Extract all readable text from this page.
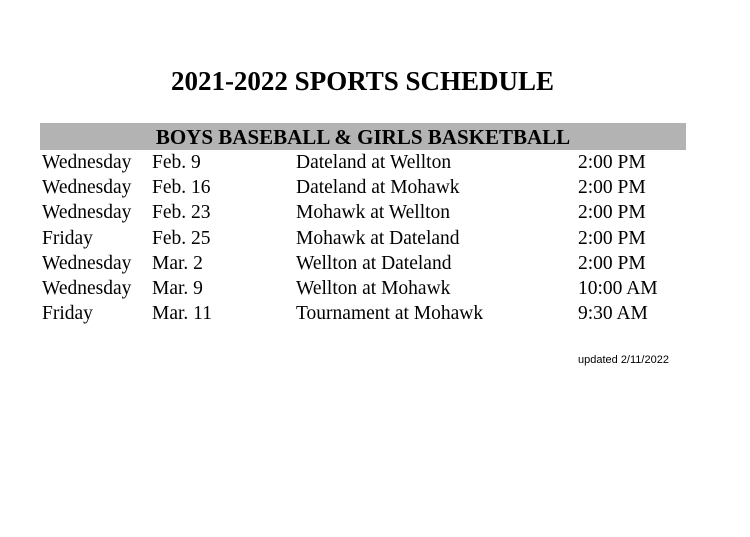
2021-2022 SPORTS SCHEDULE
BOYS BASEBALL & GIRLS BASKETBALL
Wednesday Feb. 9	Dateland at Wellton	2:00 PM
Wednesday Feb. 16	Dateland at Mohawk	2:00 PM
Wednesday Feb. 23	Mohawk at Wellton	2:00 PM
Friday	Feb. 25	Mohawk at Dateland	2:00 PM
Wednesday Mar. 2	Wellton at Dateland	2:00 PM
Wednesday Mar. 9	Wellton at Mohawk	10:00 AM
Friday	Mar. 11	Tournament at Mohawk	9:30 AM
updated 2/11/2022
